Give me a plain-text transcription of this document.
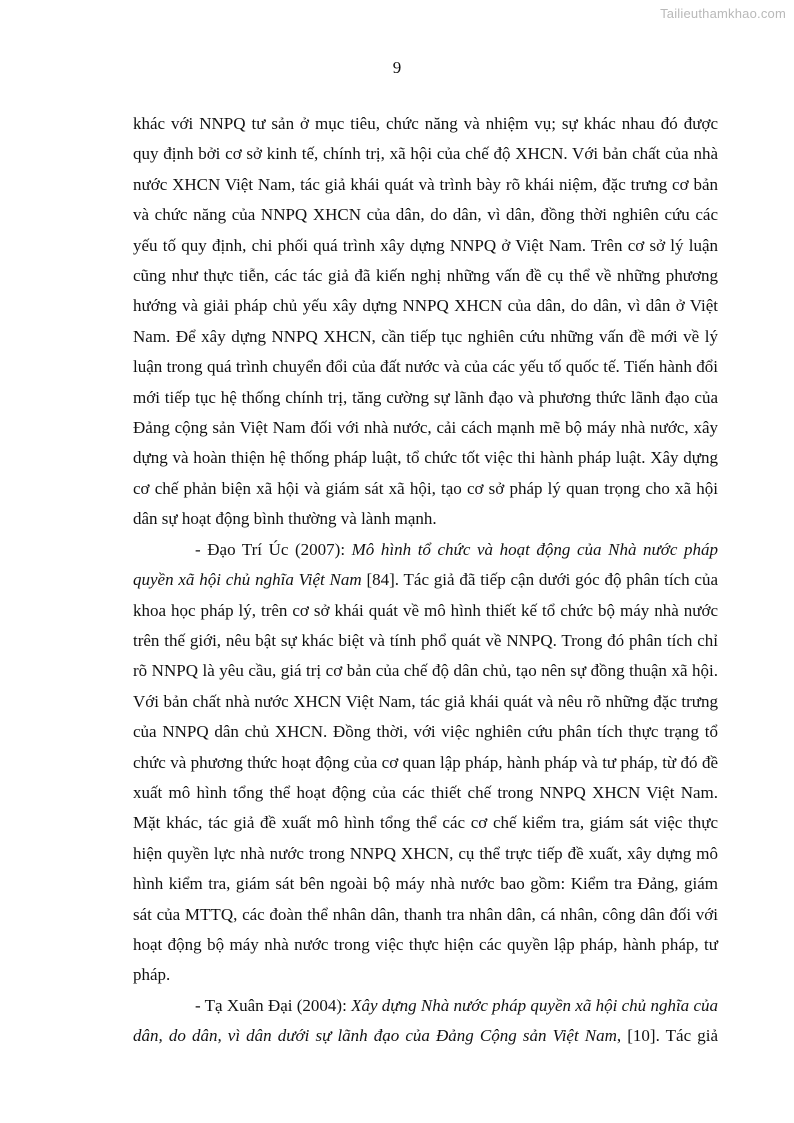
Tailieuthamkhao.com
9

khác với NNPQ tư sản ở mục tiêu, chức năng và nhiệm vụ; sự khác nhau đó được quy định bởi cơ sở kinh tế, chính trị, xã hội của chế độ XHCN. Với bản chất của nhà nước XHCN Việt Nam, tác giả khái quát và trình bày rõ khái niệm, đặc trưng cơ bản và chức năng của NNPQ XHCN của dân, do dân, vì dân, đồng thời nghiên cứu các yếu tố quy định, chi phối quá trình xây dựng NNPQ ở Việt Nam. Trên cơ sở lý luận cũng như thực tiễn, các tác giả đã kiến nghị những vấn đề cụ thể về những phương hướng và giải pháp chủ yếu xây dựng NNPQ XHCN của dân, do dân, vì dân ở Việt Nam. Để xây dựng NNPQ XHCN, cần tiếp tục nghiên cứu những vấn đề mới về lý luận trong quá trình chuyển đổi của đất nước và của các yếu tố quốc tế. Tiến hành đổi mới tiếp tục hệ thống chính trị, tăng cường sự lãnh đạo và phương thức lãnh đạo của Đảng cộng sản Việt Nam đối với nhà nước, cải cách mạnh mẽ bộ máy nhà nước, xây dựng và hoàn thiện hệ thống pháp luật, tổ chức tốt việc thi hành pháp luật. Xây dựng cơ chế phản biện xã hội và giám sát xã hội, tạo cơ sở pháp lý quan trọng cho xã hội dân sự hoạt động bình thường và lành mạnh.

- Đạo Trí Úc (2007): Mô hình tổ chức và hoạt động của Nhà nước pháp quyền xã hội chủ nghĩa Việt Nam [84]. Tác giả đã tiếp cận dưới góc độ phân tích của khoa học pháp lý, trên cơ sở khái quát về mô hình thiết kế tổ chức bộ máy nhà nước trên thế giới, nêu bật sự khác biệt và tính phổ quát về NNPQ. Trong đó phân tích chỉ rõ NNPQ là yêu cầu, giá trị cơ bản của chế độ dân chủ, tạo nên sự đồng thuận xã hội. Với bản chất nhà nước XHCN Việt Nam, tác giả khái quát và nêu rõ những đặc trưng của NNPQ dân chủ XHCN. Đồng thời, với việc nghiên cứu phân tích thực trạng tổ chức và phương thức hoạt động của cơ quan lập pháp, hành pháp và tư pháp, từ đó đề xuất mô hình tổng thể hoạt động của các thiết chế trong NNPQ XHCN Việt Nam. Mặt khác, tác giả đề xuất mô hình tổng thể các cơ chế kiểm tra, giám sát việc thực hiện quyền lực nhà nước trong NNPQ XHCN, cụ thể trực tiếp đề xuất, xây dựng mô hình kiểm tra, giám sát bên ngoài bộ máy nhà nước bao gồm: Kiểm tra Đảng, giám sát của MTTQ, các đoàn thể nhân dân, thanh tra nhân dân, cá nhân, công dân đối với hoạt động bộ máy nhà nước trong việc thực hiện các quyền lập pháp, hành pháp, tư pháp.

- Tạ Xuân Đại (2004): Xây dựng Nhà nước pháp quyền xã hội chủ nghĩa của dân, do dân, vì dân dưới sự lãnh đạo của Đảng Cộng sản Việt Nam, [10]. Tác giả
